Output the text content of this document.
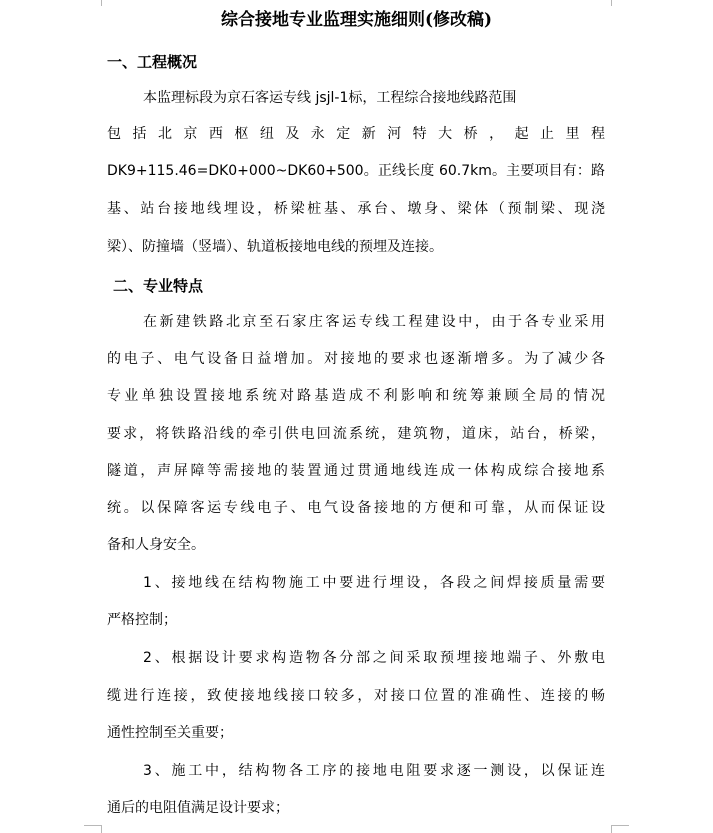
综合接地专业监理实施细则(修改稿)
一、工程概况

本监理标段为京石客运专线 jsjl-1标，工程综合接地线路范围

包括北京西枢纽及永定新河特大桥，起止里程

DK9+115.46=DK0+000~DK60+500。正线长度 60.7km。主要项目有：路

基、站台接地线埋设，桥梁桩基、承台、墩身、梁体（预制梁、现浇

梁）、防撞墙（竖墙）、轨道板接地电线的预埋及连接。

二、专业特点

在新建铁路北京至石家庄客运专线工程建设中，由于各专业采用

的电子、电气设备日益增加。对接地的要求也逐渐增多。为了减少各

专业单独设置接地系统对路基造成不利影响和统筹兼顾全局的情况

要求，将铁路沿线的牵引供电回流系统，建筑物，道床，站台，桥梁，

隧道，声屏障等需接地的装置通过贯通地线连成一体构成综合接地系

统。以保障客运专线电子、电气设备接地的方便和可靠，从而保证设

备和人身安全。

1、接地线在结构物施工中要进行埋设，各段之间焊接质量需要

严格控制；

2、根据设计要求构造物各分部之间采取预埋接地端子、外敷电

缆进行连接，致使接地线接口较多，对接口位置的准确性、连接的畅

通性控制至关重要；

3、施工中，结构物各工序的接地电阻要求逐一测设，以保证连

通后的电阻值满足设计要求；
